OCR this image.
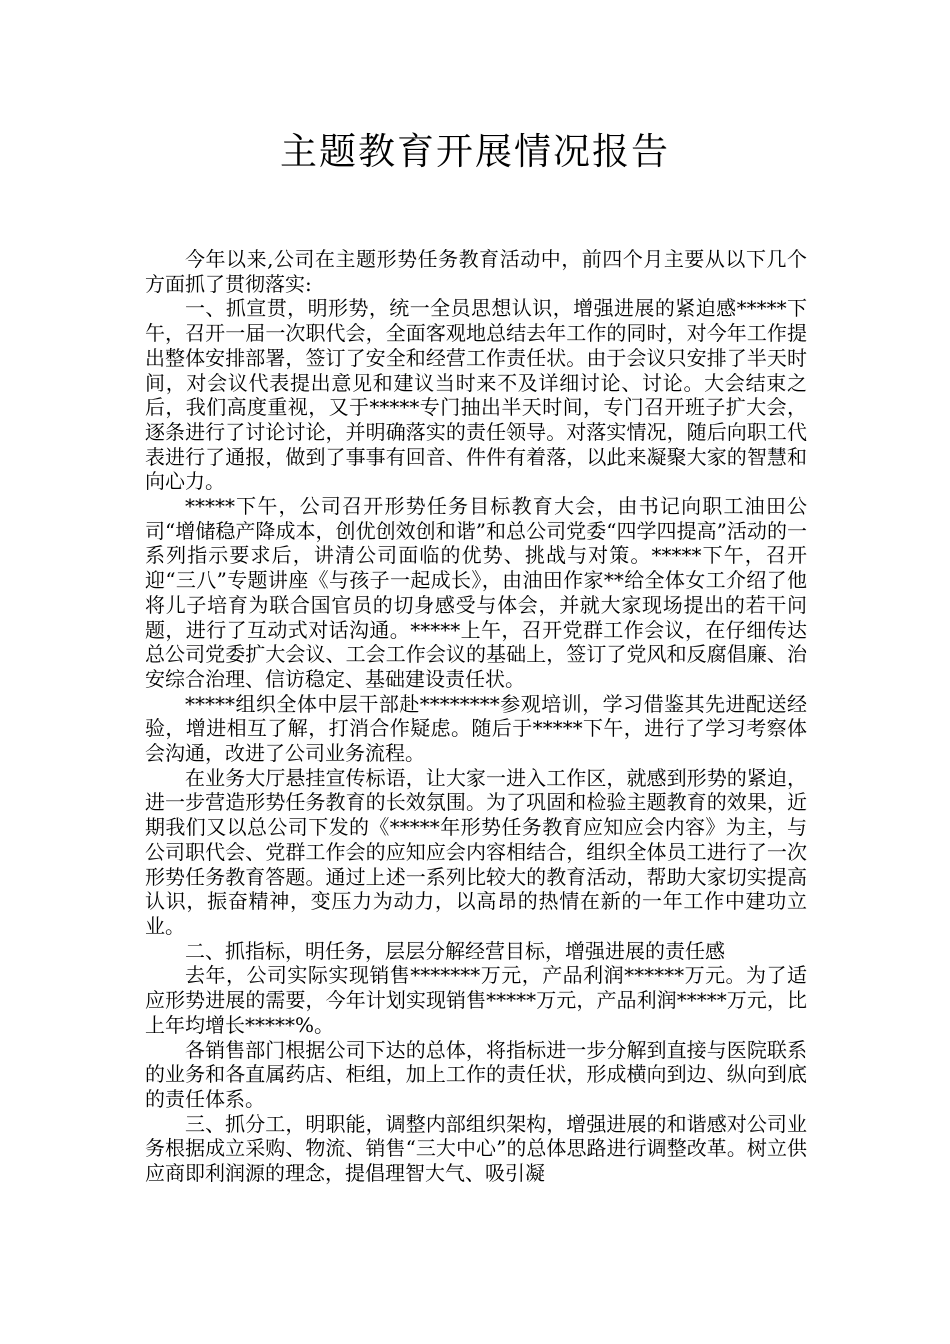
主题教育开展情况报告

今年以来,公司在主题形势任务教育活动中，前四个月主要从以下几个方面抓了贯彻落实:

一、抓宣贯，明形势，统一全员思想认识，增强进展的紧迫感*****下午，召开一届一次职代会，全面客观地总结去年工作的同时，对今年工作提出整体安排部署，签订了安全和经营工作责任状。由于会议只安排了半天时间，对会议代表提出意见和建议当时来不及详细讨论、讨论。大会结束之后，我们高度重视，又于*****专门抽出半天时间，专门召开班子扩大会，逐条进行了讨论讨论，并明确落实的责任领导。对落实情况，随后向职工代表进行了通报，做到了事事有回音、件件有着落，以此来凝聚大家的智慧和向心力。

*****下午，公司召开形势任务目标教育大会，由书记向职工油田公司“增储稳产降成本，创优创效创和谐”和总公司党委“四学四提高”活动的一系列指示要求后，讲清公司面临的优势、挑战与对策。*****下午，召开迎“三八”专题讲座《与孩子一起成长》，由油田作家**给全体女工介绍了他将儿子培育为联合国官员的切身感受与体会，并就大家现场提出的若干问题，进行了互动式对话沟通。*****上午，召开党群工作会议，在仔细传达总公司党委扩大会议、工会工作会议的基础上，签订了党风和反腐倡廉、治安综合治理、信访稳定、基础建设责任状。

*****组织全体中层干部赴********参观培训，学习借鉴其先进配送经验，增进相互了解，打消合作疑虑。随后于*****下午，进行了学习考察体会沟通，改进了公司业务流程。

在业务大厅悬挂宣传标语，让大家一进入工作区，就感到形势的紧迫，进一步营造形势任务教育的长效氛围。为了巩固和检验主题教育的效果，近期我们又以总公司下发的《*****年形势任务教育应知应会内容》为主，与公司职代会、党群工作会的应知应会内容相结合，组织全体员工进行了一次形势任务教育答题。通过上述一系列比较大的教育活动，帮助大家切实提高认识，振奋精神，变压力为动力，以高昂的热情在新的一年工作中建功立业。

二、抓指标，明任务，层层分解经营目标，增强进展的责任感

去年，公司实际实现销售*******万元，产品利润******万元。为了适应形势进展的需要，今年计划实现销售*****万元，产品利润*****万元，比上年均增长*****%。

各销售部门根据公司下达的总体，将指标进一步分解到直接与医院联系的业务和各直属药店、柜组，加上工作的责任状，形成横向到边、纵向到底的责任体系。

三、抓分工，明职能，调整内部组织架构，增强进展的和谐感对公司业务根据成立采购、物流、销售“三大中心”的总体思路进行调整改革。树立供应商即利润源的理念，提倡理智大气、吸引凝
